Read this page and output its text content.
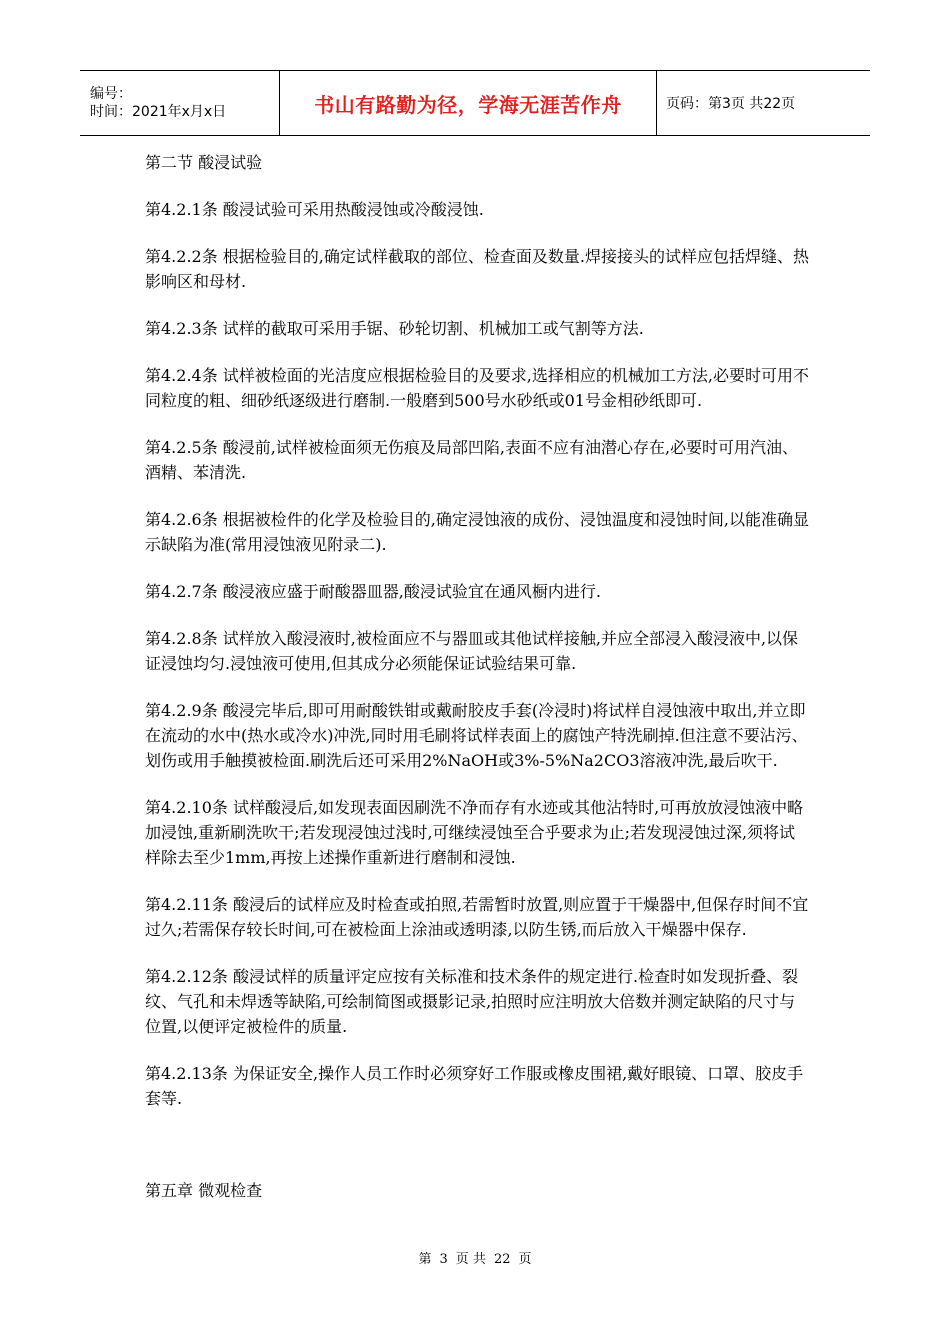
编号：
时间：2021年x月x日	书山有路勤为径，学海无涯苦作舟	页码：第3页 共22页

第二节 酸浸试验

第4.2.1条 酸浸试验可采用热酸浸蚀或冷酸浸蚀.

第4.2.2条 根据检验目的,确定试样截取的部位、检查面及数量.焊接接头的试样应包括焊缝、热影响区和母材.

第4.2.3条 试样的截取可采用手锯、砂轮切割、机械加工或气割等方法.

第4.2.4条 试样被检面的光洁度应根据检验目的及要求,选择相应的机械加工方法,必要时可用不同粒度的粗、细砂纸逐级进行磨制.一般磨到500号水砂纸或01号金相砂纸即可.

第4.2.5条 酸浸前,试样被检面须无伤痕及局部凹陷,表面不应有油潜心存在,必要时可用汽油、酒精、苯清洗.

第4.2.6条 根据被检件的化学及检验目的,确定浸蚀液的成份、浸蚀温度和浸蚀时间,以能准确显示缺陷为准(常用浸蚀液见附录二).

第4.2.7条 酸浸液应盛于耐酸器皿器,酸浸试验宜在通风橱内进行.

第4.2.8条 试样放入酸浸液时,被检面应不与器皿或其他试样接触,并应全部浸入酸浸液中,以保证浸蚀均匀.浸蚀液可使用,但其成分必须能保证试验结果可靠.

第4.2.9条 酸浸完毕后,即可用耐酸铁钳或戴耐胶皮手套(冷浸时)将试样自浸蚀液中取出,并立即在流动的水中(热水或冷水)冲洗,同时用毛刷将试样表面上的腐蚀产特洗刷掉.但注意不要沾污、划伤或用手触摸被检面.刷洗后还可采用2%NaOH或3%-5%Na2CO3溶液冲洗,最后吹干.

第4.2.10条 试样酸浸后,如发现表面因刷洗不净而存有水迹或其他沾特时,可再放放浸蚀液中略加浸蚀,重新刷洗吹干;若发现浸蚀过浅时,可继续浸蚀至合乎要求为止;若发现浸蚀过深,须将试样除去至少1mm,再按上述操作重新进行磨制和浸蚀.

第4.2.11条 酸浸后的试样应及时检查或拍照,若需暂时放置,则应置于干燥器中,但保存时间不宜过久;若需保存较长时间,可在被检面上涂油或透明漆,以防生锈,而后放入干燥器中保存.

第4.2.12条 酸浸试样的质量评定应按有关标准和技术条件的规定进行.检查时如发现折叠、裂纹、气孔和未焊透等缺陷,可绘制简图或摄影记录,拍照时应注明放大倍数并测定缺陷的尺寸与位置,以便评定被检件的质量.

第4.2.13条 为保证安全,操作人员工作时必须穿好工作服或橡皮围裙,戴好眼镜、口罩、胶皮手套等.

第五章 微观检查

第 3 页 共 22 页
